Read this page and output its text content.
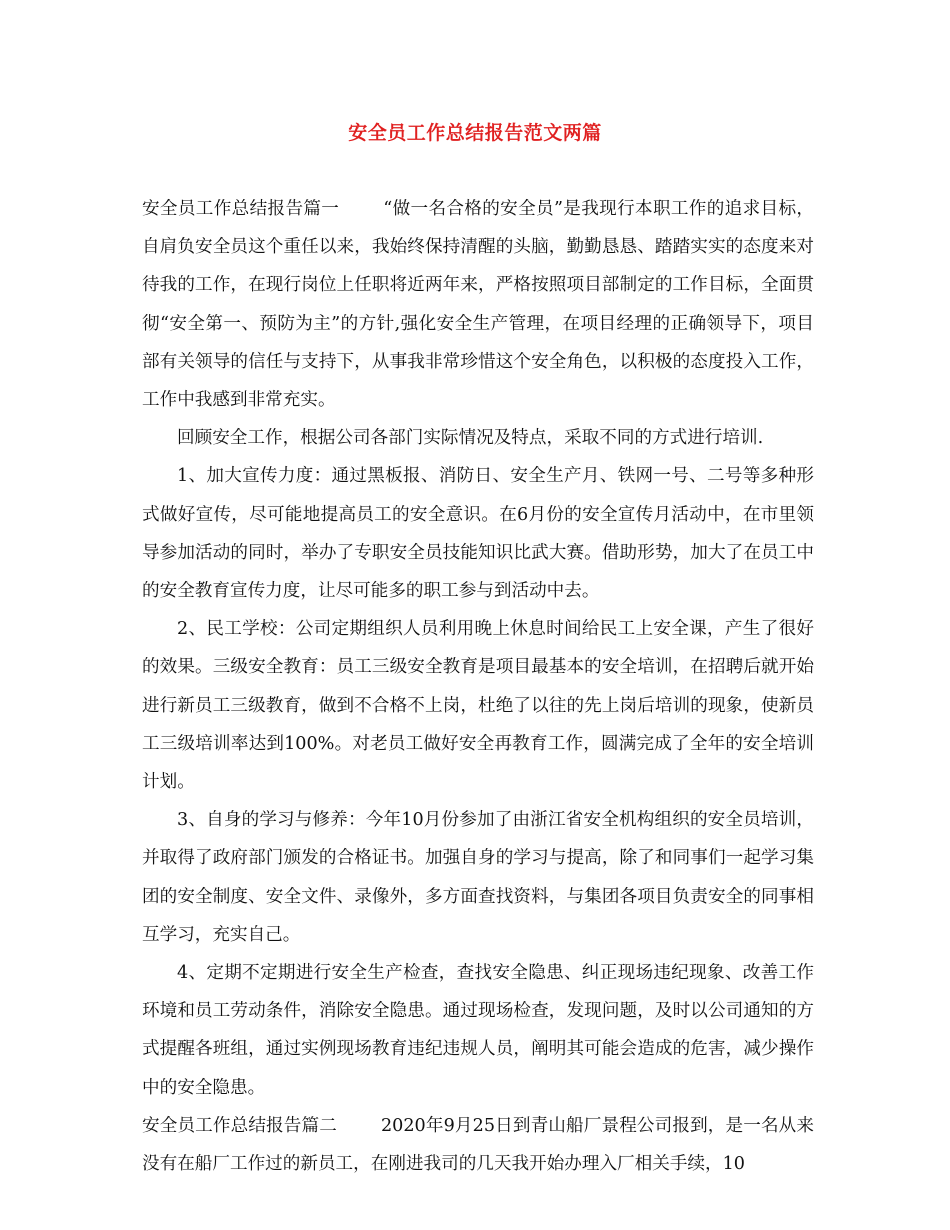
安全员工作总结报告范文两篇

安全员工作总结报告篇一	“做一名合格的安全员”是我现行本职工作的追求目标，自肩负安全员这个重任以来，我始终保持清醒的头脑，勤勤恳恳、踏踏实实的态度来对待我的工作，在现行岗位上任职将近两年来，严格按照项目部制定的工作目标，全面贯彻“安全第一、预防为主”的方针,强化安全生产管理，在项目经理的正确领导下，项目部有关领导的信任与支持下，从事我非常珍惜这个安全角色，以积极的态度投入工作，工作中我感到非常充实。

回顾安全工作，根据公司各部门实际情况及特点，采取不同的方式进行培训.

1、加大宣传力度：通过黑板报、消防日、安全生产月、铁网一号、二号等多种形式做好宣传，尽可能地提高员工的安全意识。在6月份的安全宣传月活动中，在市里领导参加活动的同时，举办了专职安全员技能知识比武大赛。借助形势，加大了在员工中的安全教育宣传力度，让尽可能多的职工参与到活动中去。

2、民工学校：公司定期组织人员利用晚上休息时间给民工上安全课，产生了很好的效果。三级安全教育：员工三级安全教育是项目最基本的安全培训，在招聘后就开始进行新员工三级教育，做到不合格不上岗，杜绝了以往的先上岗后培训的现象，使新员工三级培训率达到100%。对老员工做好安全再教育工作，圆满完成了全年的安全培训计划。

3、自身的学习与修养：今年10月份参加了由浙江省安全机构组织的安全员培训，并取得了政府部门颁发的合格证书。加强自身的学习与提高，除了和同事们一起学习集团的安全制度、安全文件、录像外，多方面查找资料，与集团各项目负责安全的同事相互学习，充实自己。

4、定期不定期进行安全生产检查，查找安全隐患、纠正现场违纪现象、改善工作环境和员工劳动条件，消除安全隐患。通过现场检查，发现问题，及时以公司通知的方式提醒各班组，通过实例现场教育违纪违规人员，阐明其可能会造成的危害，减少操作中的安全隐患。

安全员工作总结报告篇二	2020年9月25日到青山船厂景程公司报到，是一名从来没有在船厂工作过的新员工，在刚进我司的几天我开始办理入厂相关手续，10
